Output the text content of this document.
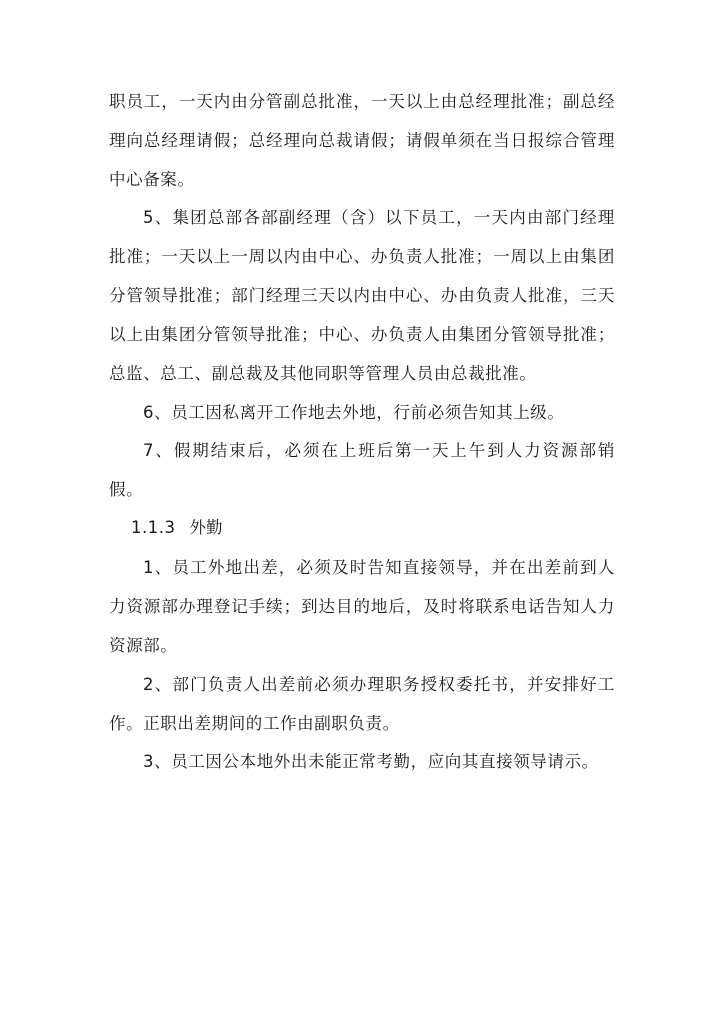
职员工，一天内由分管副总批准，一天以上由总经理批准；副总经理向总经理请假；总经理向总裁请假；请假单须在当日报综合管理中心备案。

5、集团总部各部副经理（含）以下员工，一天内由部门经理批准；一天以上一周以内由中心、办负责人批准；一周以上由集团分管领导批准；部门经理三天以内由中心、办由负责人批准，三天以上由集团分管领导批准；中心、办负责人由集团分管领导批准；总监、总工、副总裁及其他同职等管理人员由总裁批准。

6、员工因私离开工作地去外地，行前必须告知其上级。

7、假期结束后，必须在上班后第一天上午到人力资源部销假。

1.1.3 外勤

1、员工外地出差，必须及时告知直接领导，并在出差前到人力资源部办理登记手续；到达目的地后，及时将联系电话告知人力资源部。

2、部门负责人出差前必须办理职务授权委托书，并安排好工作。正职出差期间的工作由副职负责。

3、员工因公本地外出未能正常考勤，应向其直接领导请示。
